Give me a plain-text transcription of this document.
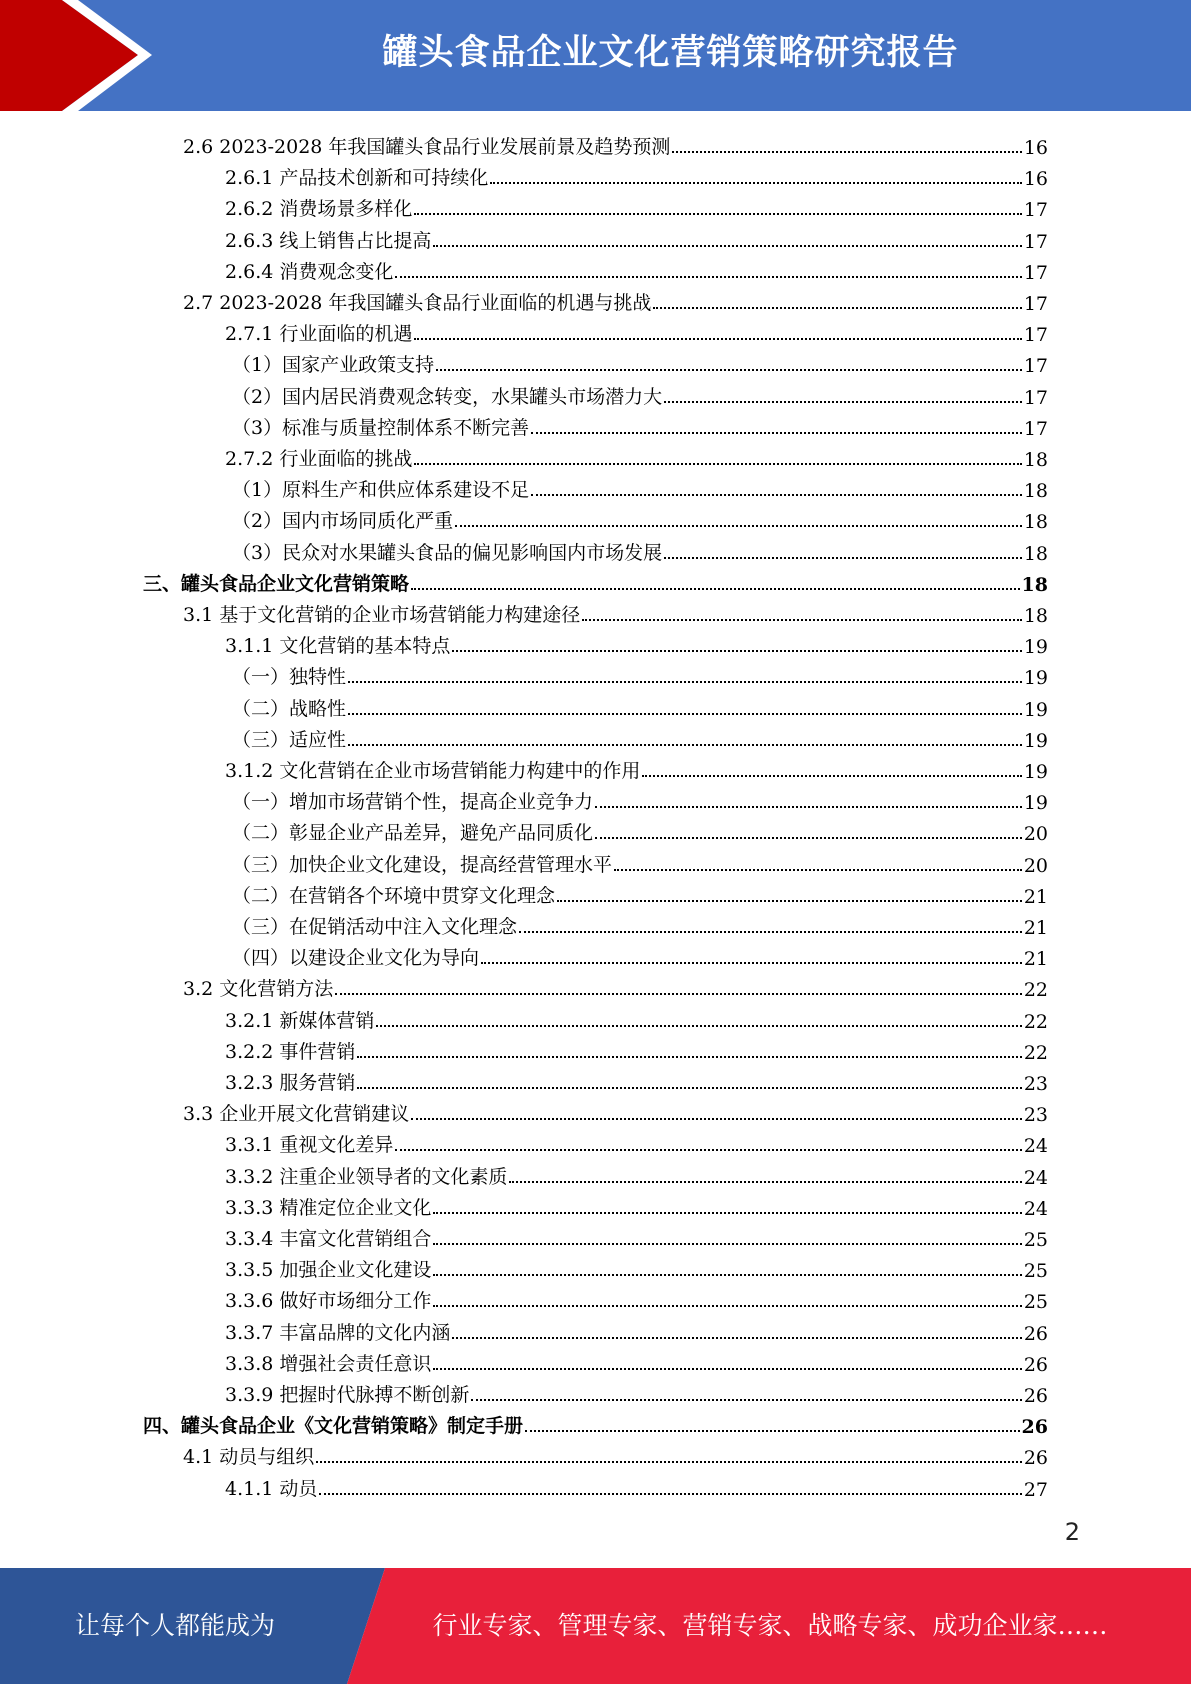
罐头食品企业文化营销策略研究报告
2.6 2023-2028 年我国罐头食品行业发展前景及趋势预测	16
2.6.1 产品技术创新和可持续化	16
2.6.2 消费场景多样化	17
2.6.3 线上销售占比提高	17
2.6.4 消费观念变化	17
2.7 2023-2028 年我国罐头食品行业面临的机遇与挑战	17
2.7.1 行业面临的机遇	17
（1）国家产业政策支持	17
（2）国内居民消费观念转变，水果罐头市场潜力大	17
（3）标准与质量控制体系不断完善	17
2.7.2 行业面临的挑战	18
（1）原料生产和供应体系建设不足	18
（2）国内市场同质化严重	18
（3）民众对水果罐头食品的偏见影响国内市场发展	18
三、罐头食品企业文化营销策略	18
3.1 基于文化营销的企业市场营销能力构建途径	18
3.1.1 文化营销的基本特点	19
（一）独特性	19
（二）战略性	19
（三）适应性	19
3.1.2 文化营销在企业市场营销能力构建中的作用	19
（一）增加市场营销个性，提高企业竞争力	19
（二）彰显企业产品差异，避免产品同质化	20
（三）加快企业文化建设，提高经营管理水平	20
（二）在营销各个环境中贯穿文化理念	21
（三）在促销活动中注入文化理念	21
（四）以建设企业文化为导向	21
3.2 文化营销方法	22
3.2.1 新媒体营销	22
3.2.2 事件营销	22
3.2.3 服务营销	23
3.3 企业开展文化营销建议	23
3.3.1 重视文化差异	24
3.3.2 注重企业领导者的文化素质	24
3.3.3 精准定位企业文化	24
3.3.4 丰富文化营销组合	25
3.3.5 加强企业文化建设	25
3.3.6 做好市场细分工作	25
3.3.7 丰富品牌的文化内涵	26
3.3.8 增强社会责任意识	26
3.3.9 把握时代脉搏不断创新	26
四、罐头食品企业《文化营销策略》制定手册	26
4.1 动员与组织	26
4.1.1 动员	27
2
让每个人都能成为	行业专家、管理专家、营销专家、战略专家、成功企业家……
